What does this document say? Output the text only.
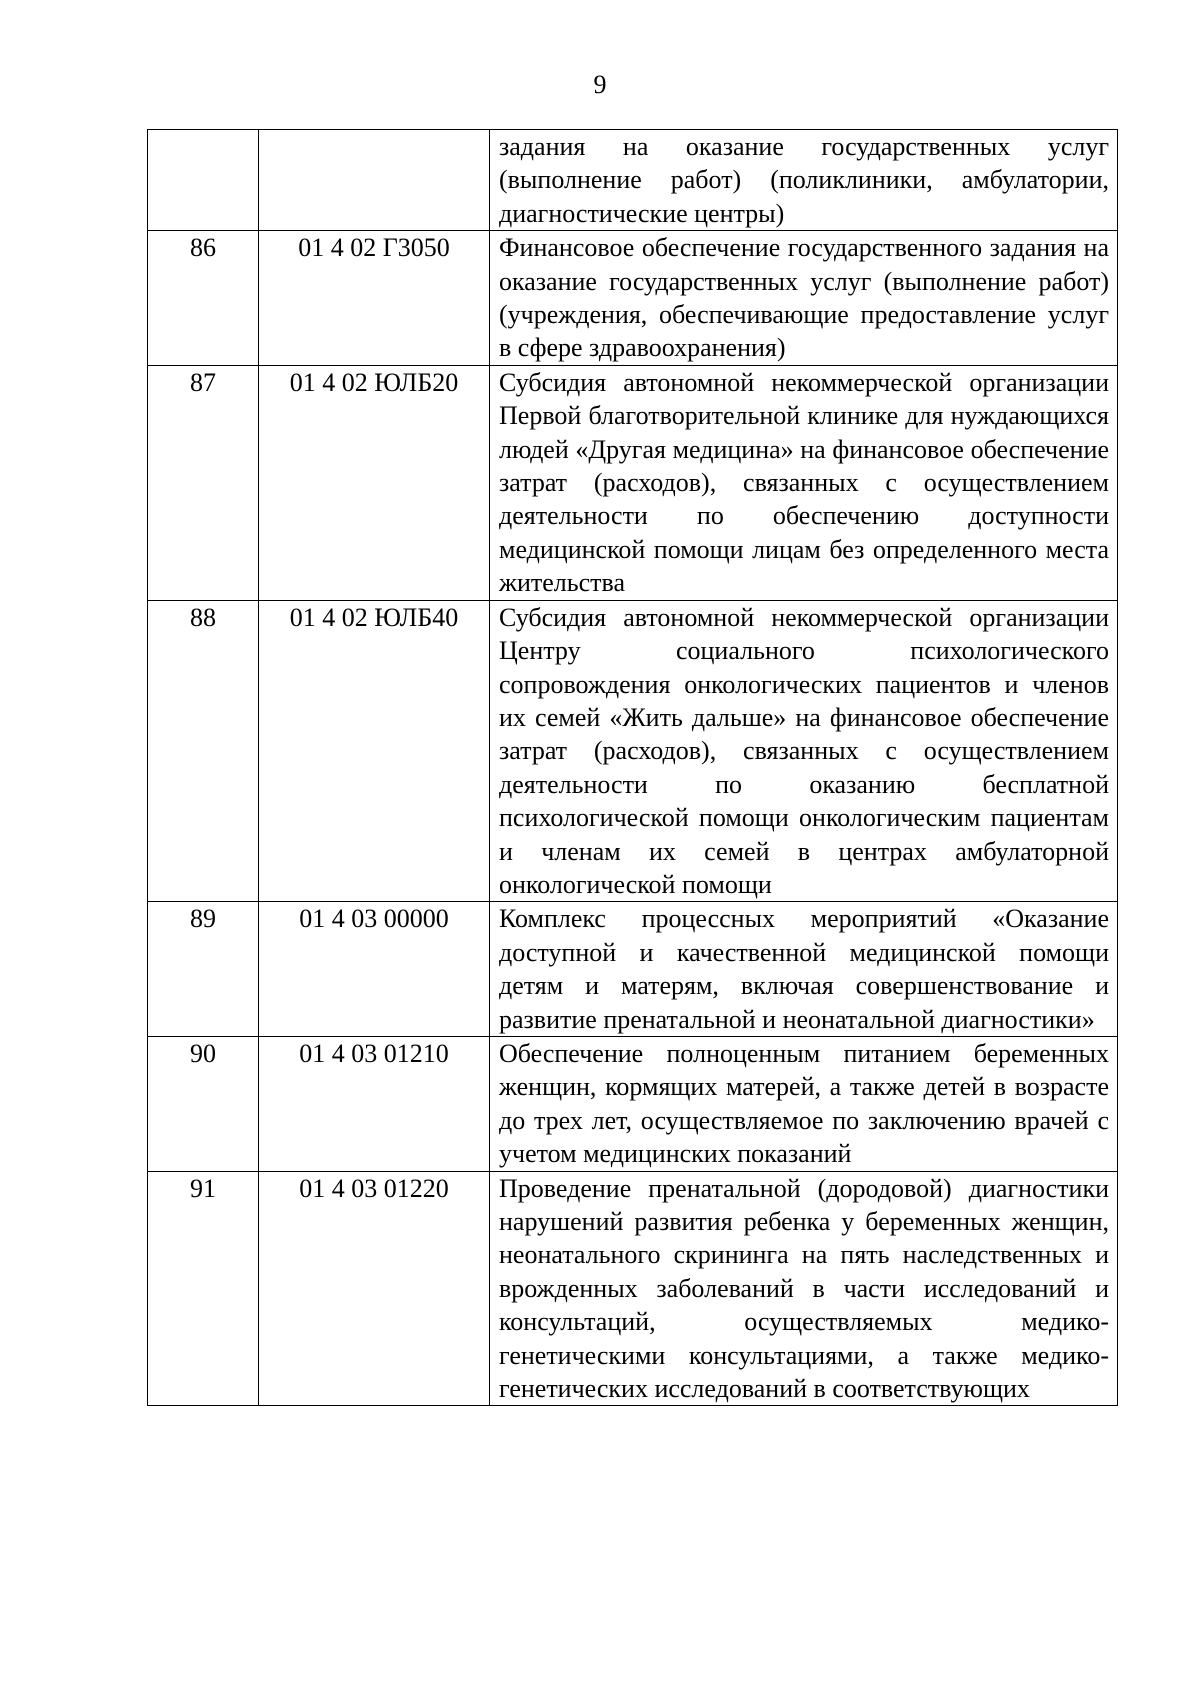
9
		задания на оказание государственных услуг (выполнение работ) (поликлиники, амбулатории, диагностические центры)
86	01 4 02 Г3050	Финансовое обеспечение государственного задания на оказание государственных услуг (выполнение работ) (учреждения, обеспечивающие предоставление услуг в сфере здравоохранения)
87	01 4 02 ЮЛБ20	Субсидия автономной некоммерческой организации Первой благотворительной клинике для нуждающихся людей «Другая медицина» на финансовое обеспечение затрат (расходов), связанных с осуществлением деятельности по обеспечению доступности медицинской помощи лицам без определенного места жительства
88	01 4 02 ЮЛБ40	Субсидия автономной некоммерческой организации Центру социального психологического сопровождения онкологических пациентов и членов их семей «Жить дальше» на финансовое обеспечение затрат (расходов), связанных с осуществлением деятельности по оказанию бесплатной психологической помощи онкологическим пациентам и членам их семей в центрах амбулаторной онкологической помощи
89	01 4 03 00000	Комплекс процессных мероприятий «Оказание доступной и качественной медицинской помощи детям и матерям, включая совершенствование и развитие пренатальной и неонатальной диагностики»
90	01 4 03 01210	Обеспечение полноценным питанием беременных женщин, кормящих матерей, а также детей в возрасте до трех лет, осуществляемое по заключению врачей с учетом медицинских показаний
91	01 4 03 01220	Проведение пренатальной (дородовой) диагностики нарушений развития ребенка у беременных женщин, неонатального скрининга на пять наследственных и врожденных заболеваний в части исследований и консультаций, осуществляемых медико-генетическими консультациями, а также медико-генетических исследований в соответствующих
